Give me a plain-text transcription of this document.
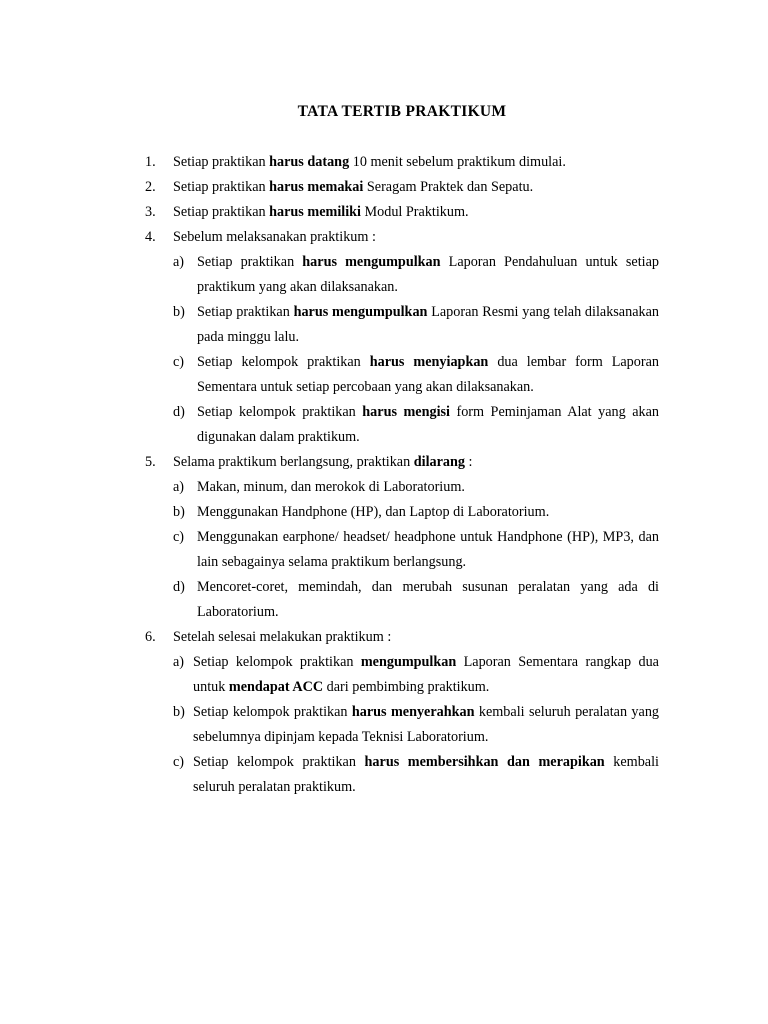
TATA TERTIB PRAKTIKUM
1. Setiap praktikan harus datang 10 menit sebelum praktikum dimulai.
2. Setiap praktikan harus memakai Seragam Praktek dan Sepatu.
3. Setiap praktikan harus memiliki Modul Praktikum.
4. Sebelum melaksanakan praktikum :
a) Setiap praktikan harus mengumpulkan Laporan Pendahuluan untuk setiap praktikum yang akan dilaksanakan.
b) Setiap praktikan harus mengumpulkan Laporan Resmi yang telah dilaksanakan pada minggu lalu.
c) Setiap kelompok praktikan harus menyiapkan dua lembar form Laporan Sementara untuk setiap percobaan yang akan dilaksanakan.
d) Setiap kelompok praktikan harus mengisi form Peminjaman Alat yang akan digunakan dalam praktikum.
5. Selama praktikum berlangsung, praktikan dilarang :
a) Makan, minum, dan merokok di Laboratorium.
b) Menggunakan Handphone (HP), dan Laptop di Laboratorium.
c) Menggunakan earphone/ headset/ headphone untuk Handphone (HP), MP3, dan lain sebagainya selama praktikum berlangsung.
d) Mencoret-coret, memindah, dan merubah susunan peralatan yang ada di Laboratorium.
6. Setelah selesai melakukan praktikum :
a) Setiap kelompok praktikan mengumpulkan Laporan Sementara rangkap dua untuk mendapat ACC dari pembimbing praktikum.
b) Setiap kelompok praktikan harus menyerahkan kembali seluruh peralatan yang sebelumnya dipinjam kepada Teknisi Laboratorium.
c) Setiap kelompok praktikan harus membersihkan dan merapikan kembali seluruh peralatan praktikum.
